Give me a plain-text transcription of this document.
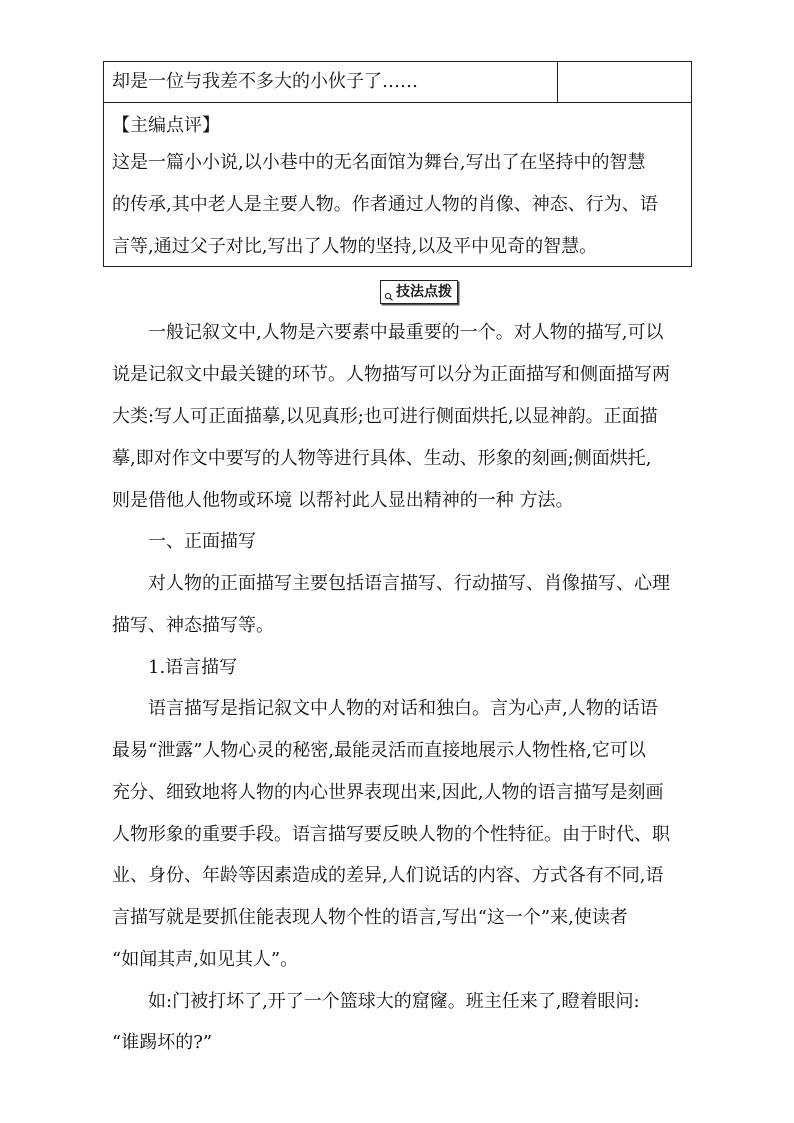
却是一位与我差不多大的小伙子了……
【主编点评】
这是一篇小小说,以小巷中的无名面馆为舞台,写出了在坚持中的智慧
的传承,其中老人是主要人物。作者通过人物的肖像、神态、行为、语
言等,通过父子对比,写出了人物的坚持,以及平中见奇的智慧。
技法点拨
一般记叙文中,人物是六要素中最重要的一个。对人物的描写,可以
说是记叙文中最关键的环节。人物描写可以分为正面描写和侧面描写两
大类:写人可正面描摹,以见真形;也可进行侧面烘托,以显神韵。正面描
摹,即对作文中要写的人物等进行具体、生动、形象的刻画;侧面烘托,
则是借他人他物或环境 以帮衬此人显出精神的一种 方法。
一、正面描写
对人物的正面描写主要包括语言描写、行动描写、肖像描写、心理
描写、神态描写等。
1.语言描写
语言描写是指记叙文中人物的对话和独白。言为心声,人物的话语
最易“泄露”人物心灵的秘密,最能灵活而直接地展示人物性格,它可以
充分、细致地将人物的内心世界表现出来,因此,人物的语言描写是刻画
人物形象的重要手段。语言描写要反映人物的个性特征。由于时代、职
业、身份、年龄等因素造成的差异,人们说话的内容、方式各有不同,语
言描写就是要抓住能表现人物个性的语言,写出“这一个”来,使读者
“如闻其声,如见其人”。
如:门被打坏了,开了一个篮球大的窟窿。班主任来了,瞪着眼问:
“谁踢坏的?”
